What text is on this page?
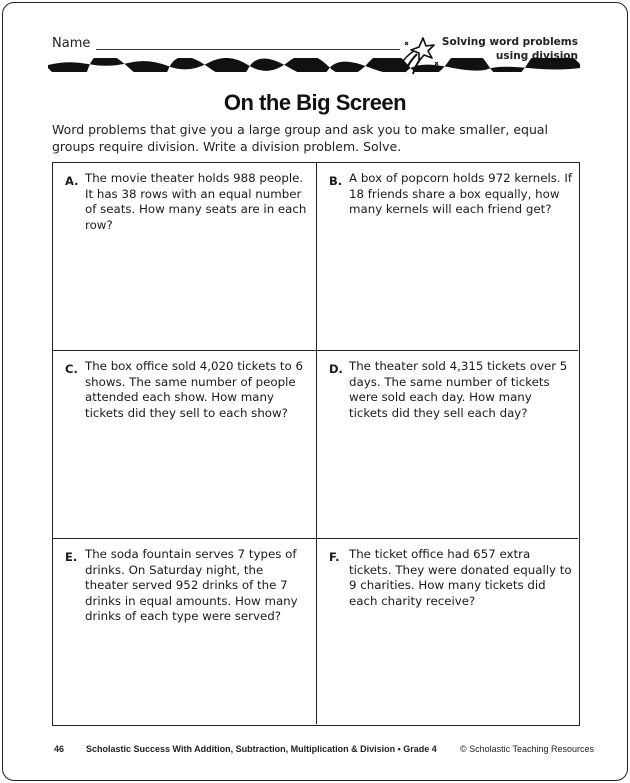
Name	Solving word problems
using division
On the Big Screen

Word problems that give you a large group and ask you to make smaller, equal groups require division. Write a division problem. Solve.

A. The movie theater holds 988 people. It has 38 rows with an equal number of seats. How many seats are in each row?
B. A box of popcorn holds 972 kernels. If 18 friends share a box equally, how many kernels will each friend get?
C. The box office sold 4,020 tickets to 6 shows. The same number of people attended each show. How many tickets did they sell to each show?
D. The theater sold 4,315 tickets over 5 days. The same number of tickets were sold each day. How many tickets did they sell each day?
E. The soda fountain serves 7 types of drinks. On Saturday night, the theater served 952 drinks of the 7 drinks in equal amounts. How many drinks of each type were served?
F. The ticket office had 657 extra tickets. They were donated equally to 9 charities. How many tickets did each charity receive?
46 Scholastic Success With Addition, Subtraction, Multiplication & Division • Grade 4	© Scholastic Teaching Resources
